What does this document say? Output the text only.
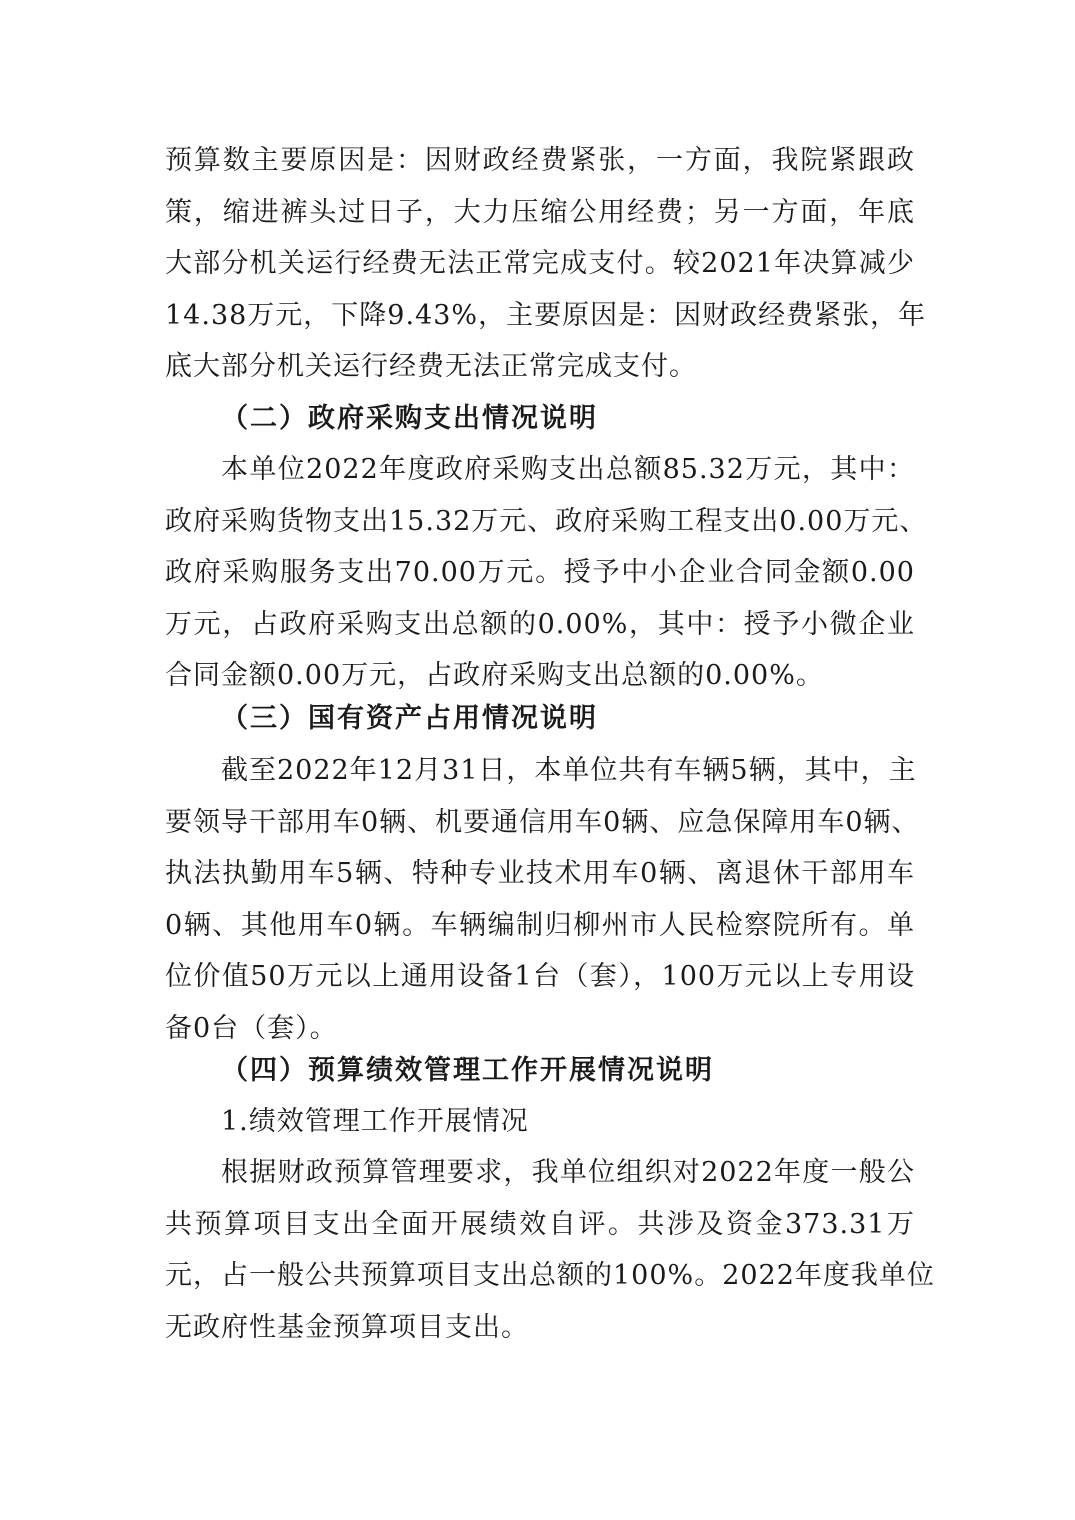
预算数主要原因是：因财政经费紧张，一方面，我院紧跟政
策，缩进裤头过日子，大力压缩公用经费；另一方面，年底
大部分机关运行经费无法正常完成支付。较2021年决算减少
14.38万元，下降9.43%，主要原因是：因财政经费紧张，年
底大部分机关运行经费无法正常完成支付。
（二）政府采购支出情况说明
本单位2022年度政府采购支出总额85.32万元，其中：
政府采购货物支出15.32万元、政府采购工程支出0.00万元、
政府采购服务支出70.00万元。授予中小企业合同金额0.00
万元，占政府采购支出总额的0.00%，其中：授予小微企业
合同金额0.00万元，占政府采购支出总额的0.00%。
（三）国有资产占用情况说明
截至2022年12月31日，本单位共有车辆5辆，其中，主
要领导干部用车0辆、机要通信用车0辆、应急保障用车0辆、
执法执勤用车5辆、特种专业技术用车0辆、离退休干部用车
0辆、其他用车0辆。车辆编制归柳州市人民检察院所有。单
位价值50万元以上通用设备1台（套），100万元以上专用设
备0台（套）。
（四）预算绩效管理工作开展情况说明
1.绩效管理工作开展情况
根据财政预算管理要求，我单位组织对2022年度一般公
共预算项目支出全面开展绩效自评。共涉及资金373.31万
元，占一般公共预算项目支出总额的100%。2022年度我单位
无政府性基金预算项目支出。
